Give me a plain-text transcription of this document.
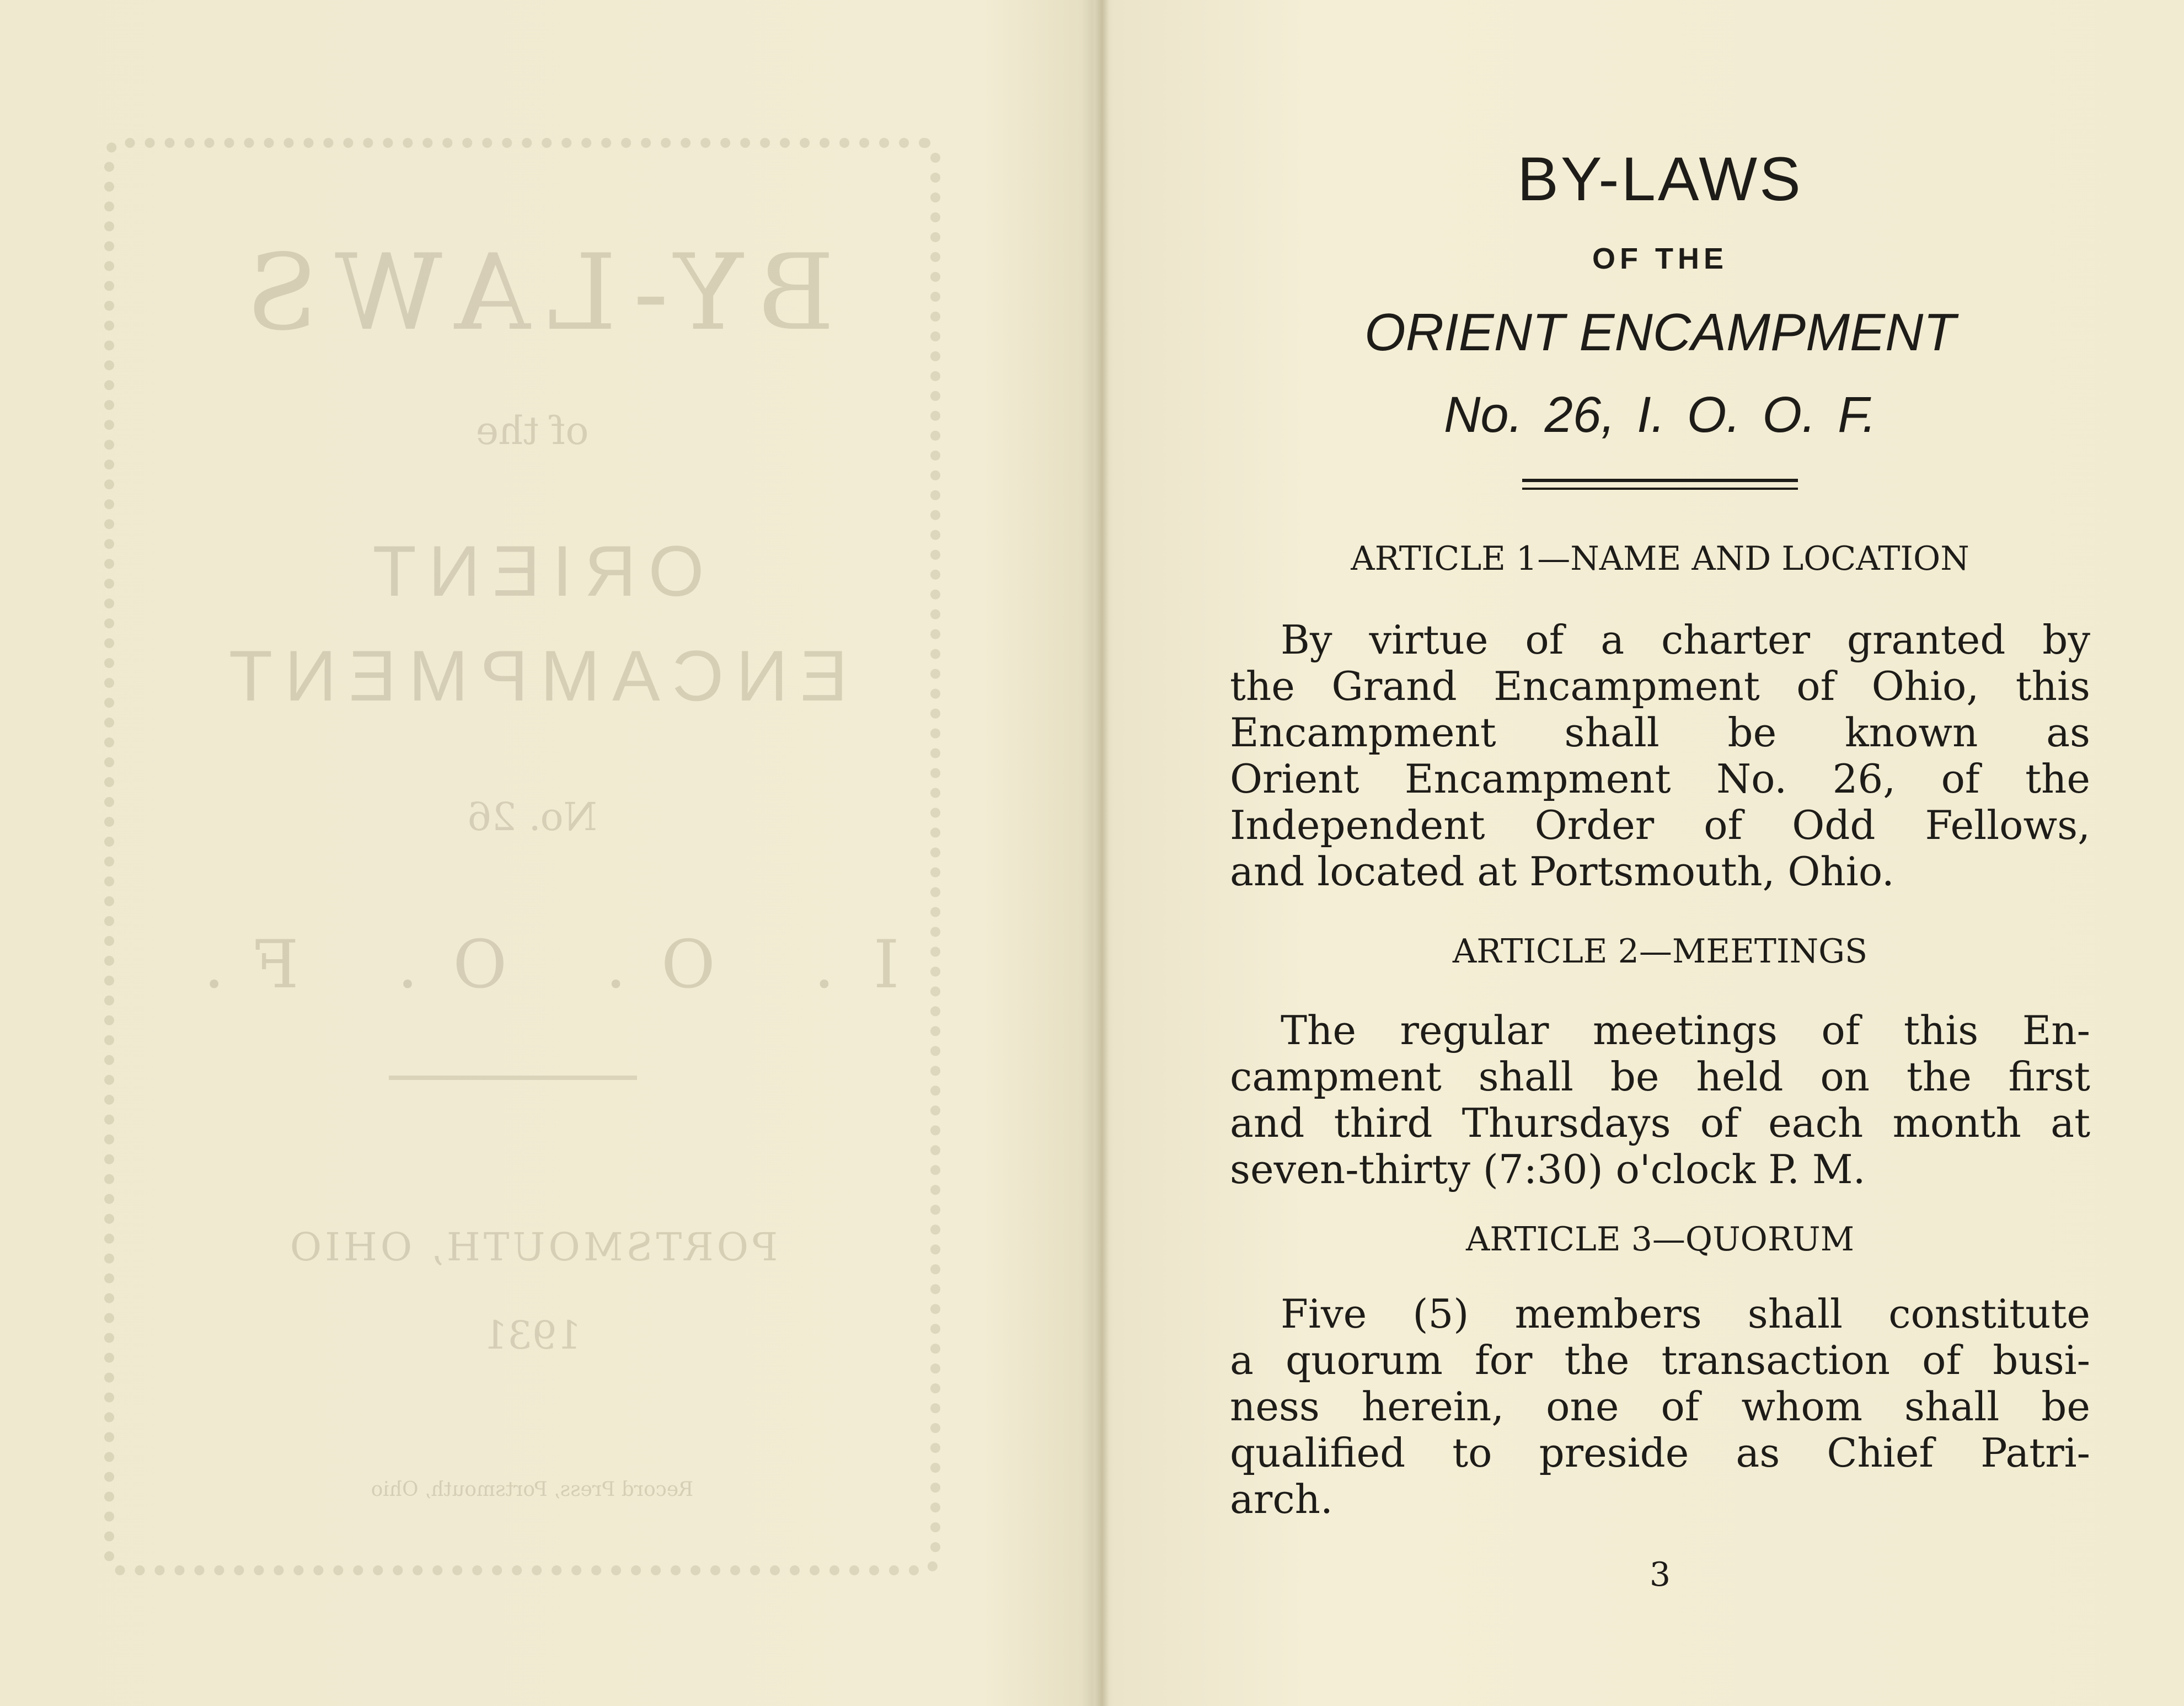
BY-LAWS
of the
ORIENT
ENCAMPMENT
No. 26
I. O. O. F.
PORTSMOUTH, OHIO
1931
Record Press, Portsmouth, Ohio
BY-LAWS
OF THE
ORIENT ENCAMPMENT
No. 26, I. O. O. F.
ARTICLE 1—NAME AND LOCATION
By virtue of a charter granted by
the Grand Encampment of Ohio, this
Encampment shall be known as
Orient Encampment No. 26, of the
Independent Order of Odd Fellows,
and located at Portsmouth, Ohio.
ARTICLE 2—MEETINGS
The regular meetings of this En-
campment shall be held on the first
and third Thursdays of each month at
seven-thirty (7:30) o'clock P. M.
ARTICLE 3—QUORUM
Five (5) members shall constitute
a quorum for the transaction of busi-
ness herein, one of whom shall be
qualified to preside as Chief Patri-
arch.
3
